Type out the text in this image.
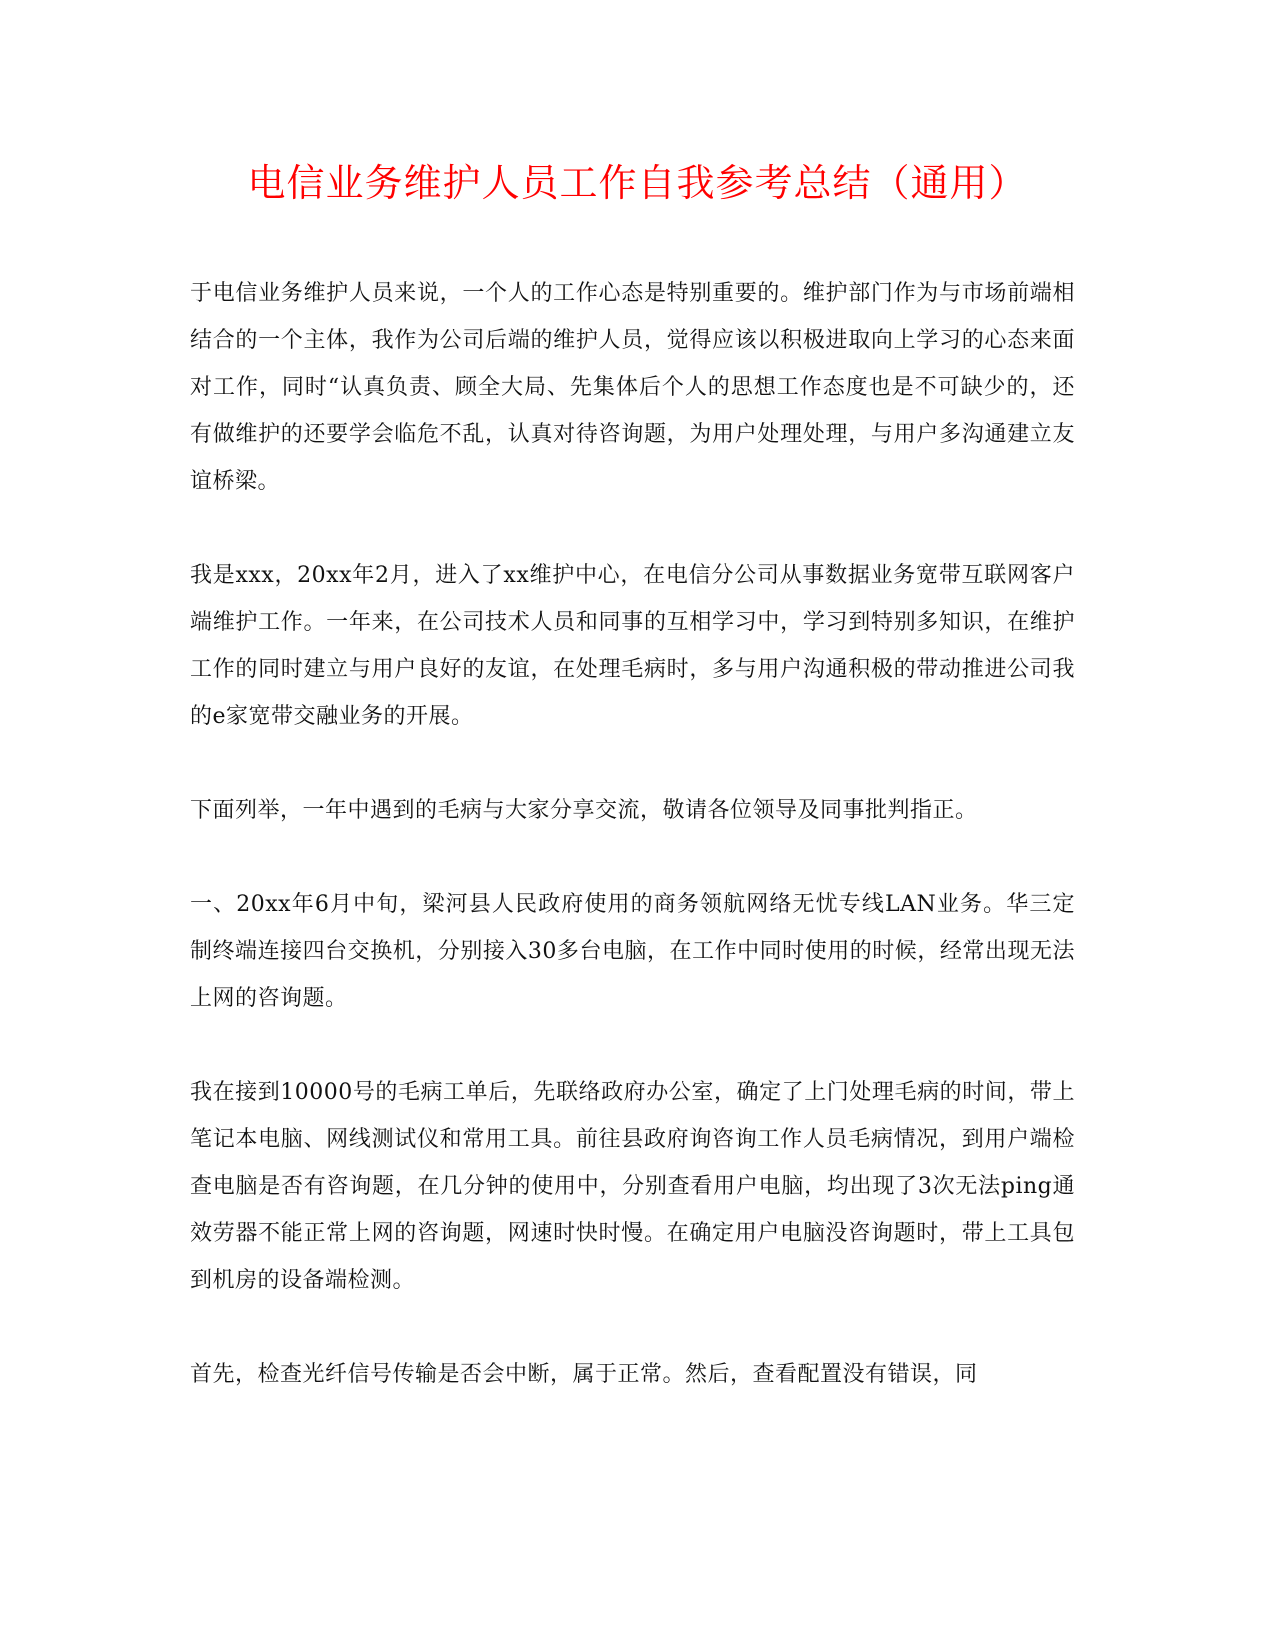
电信业务维护人员工作自我参考总结（通用）

于电信业务维护人员来说，一个人的工作心态是特别重要的。维护部门作为与市场前端相结合的一个主体，我作为公司后端的维护人员，觉得应该以积极进取向上学习的心态来面对工作，同时“认真负责、顾全大局、先集体后个人的思想工作态度也是不可缺少的，还有做维护的还要学会临危不乱，认真对待咨询题，为用户处理处理，与用户多沟通建立友谊桥梁。

我是xxx，20xx年2月，进入了xx维护中心，在电信分公司从事数据业务宽带互联网客户端维护工作。一年来，在公司技术人员和同事的互相学习中，学习到特别多知识，在维护工作的同时建立与用户良好的友谊，在处理毛病时，多与用户沟通积极的带动推进公司我的e家宽带交融业务的开展。

下面列举，一年中遇到的毛病与大家分享交流，敬请各位领导及同事批判指正。

一、20xx年6月中旬，梁河县人民政府使用的商务领航网络无忧专线LAN业务。华三定制终端连接四台交换机，分别接入30多台电脑，在工作中同时使用的时候，经常出现无法上网的咨询题。

我在接到10000号的毛病工单后，先联络政府办公室，确定了上门处理毛病的时间，带上笔记本电脑、网线测试仪和常用工具。前往县政府询咨询工作人员毛病情况，到用户端检查电脑是否有咨询题，在几分钟的使用中，分别查看用户电脑，均出现了3次无法ping通效劳器不能正常上网的咨询题，网速时快时慢。在确定用户电脑没咨询题时，带上工具包到机房的设备端检测。

首先，检查光纤信号传输是否会中断，属于正常。然后，查看配置没有错误，同
